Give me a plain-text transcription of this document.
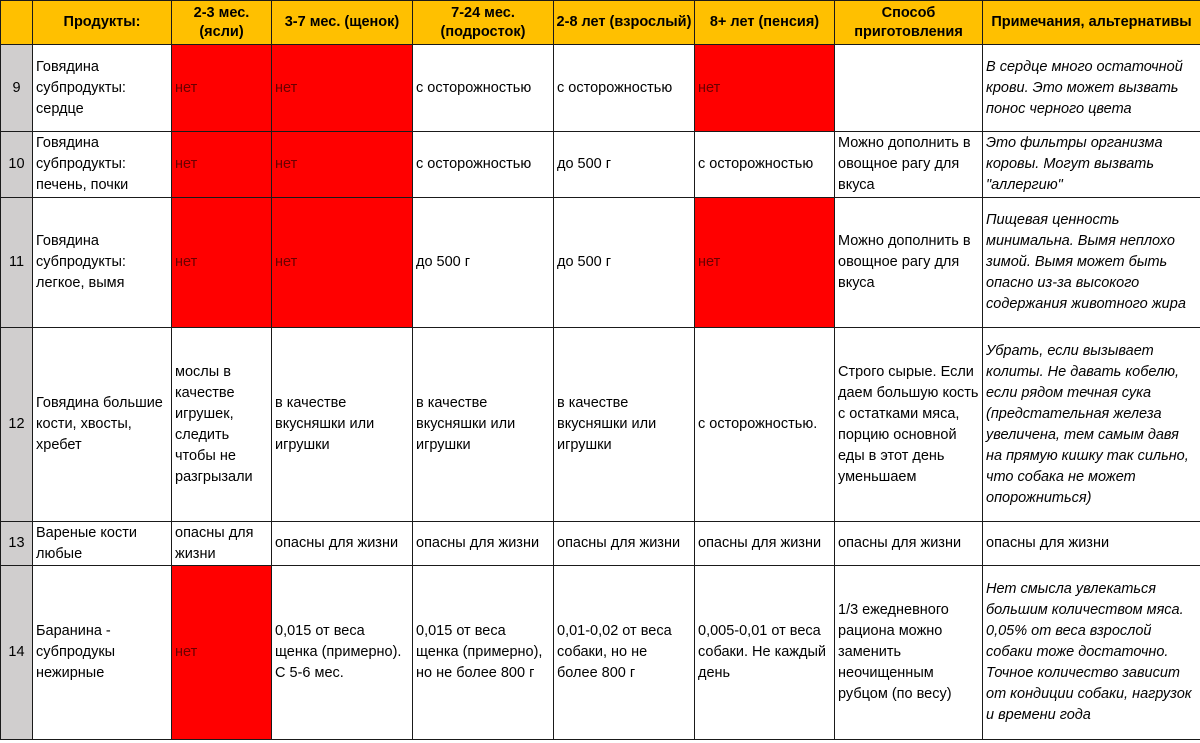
	Продукты:	2-3 мес. (ясли)	3-7 мес. (щенок)	7-24 мес. (подросток)	2-8 лет (взрослый)	8+ лет (пенсия)	Способ приготовления	Примечания, альтернативы
9	Говядина субпродукты: сердце	нет	нет	с осторожностью	с осторожностью	нет		В сердце много остаточной крови. Это может вызвать понос черного цвета
10	Говядина субпродукты: печень, почки	нет	нет	с осторожностью	до 500 г	с осторожностью	Можно дополнить в овощное рагу для вкуса	Это фильтры организма коровы. Могут вызвать "аллергию"
11	Говядина субпродукты: легкое, вымя	нет	нет	до 500 г	до 500 г	нет	Можно дополнить в овощное рагу для вкуса	Пищевая ценность минимальна. Вымя неплохо зимой. Вымя может быть опасно из-за высокого содержания животного жира
12	Говядина большие кости, хвосты, хребет	мослы в качестве игрушек, следить чтобы не разгрызали	в качестве вкусняшки или игрушки	в качестве вкусняшки или игрушки	в качестве вкусняшки или игрушки	с осторожностью.	Строго сырые. Если даем большую кость с остатками мяса, порцию основной еды в этот день уменьшаем	Убрать, если вызывает колиты. Не давать кобелю, если рядом течная сука (предстательная железа увеличена, тем самым давя на прямую кишку так сильно, что собака не может опорожниться)
13	Вареные кости любые	опасны для жизни	опасны для жизни	опасны для жизни	опасны для жизни	опасны для жизни	опасны для жизни	опасны для жизни
14	Баранина - субпродукы нежирные	нет	0,015 от веса щенка (примерно). С 5-6 мес.	0,015 от веса щенка (примерно), но не более 800 г	0,01-0,02 от веса собаки, но не более 800 г	0,005-0,01 от веса собаки. Не каждый день	1/3 ежедневного рациона можно заменить неочищенным рубцом (по весу)	Нет смысла увлекаться большим количеством мяса. 0,05% от веса взрослой собаки тоже достаточно. Точное количество зависит от кондиции собаки, нагрузок и времени года
